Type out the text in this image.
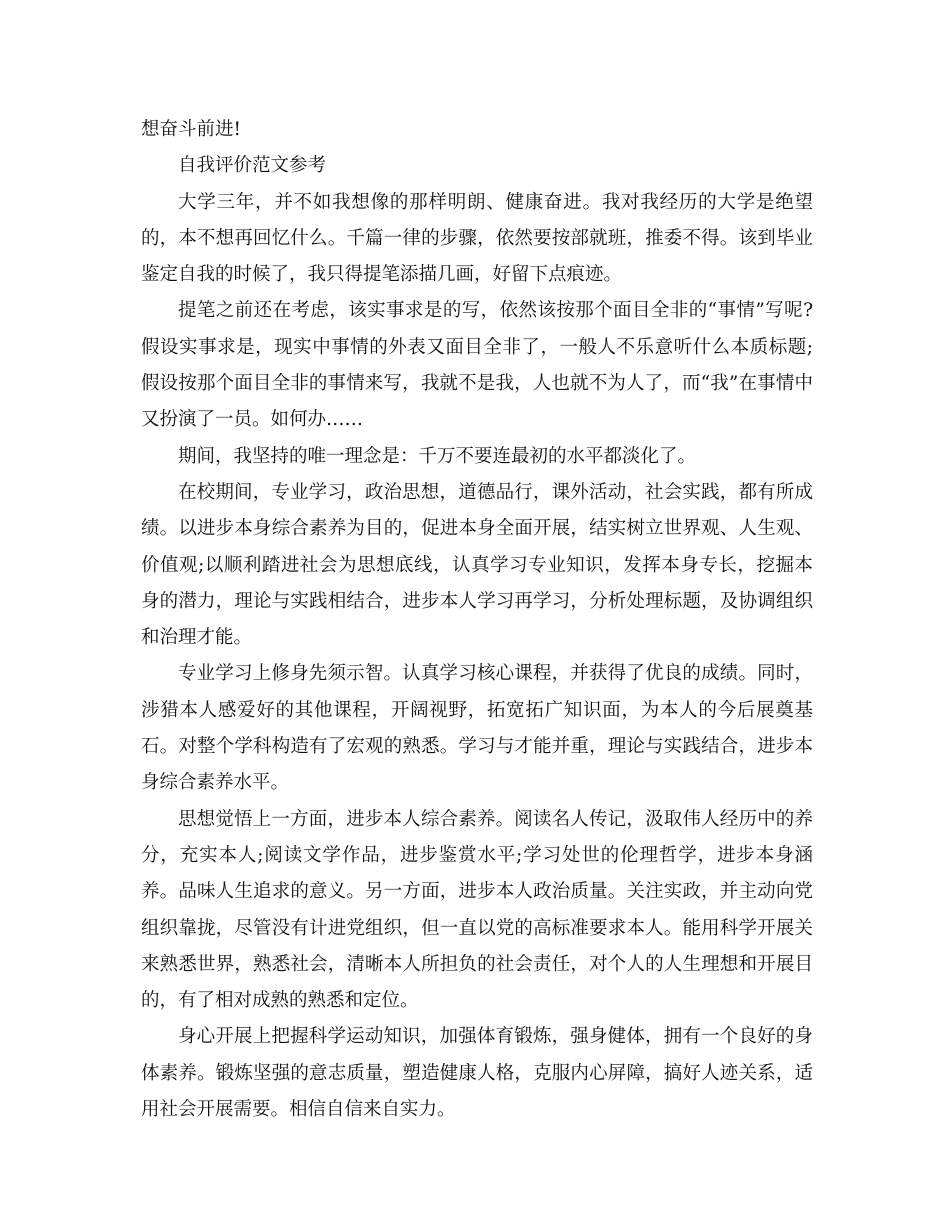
想奋斗前进!

自我评价范文参考

大学三年，并不如我想像的那样明朗、健康奋进。我对我经历的大学是绝望的，本不想再回忆什么。千篇一律的步骤，依然要按部就班，推委不得。该到毕业鉴定自我的时候了，我只得提笔添描几画，好留下点痕迹。

提笔之前还在考虑，该实事求是的写，依然该按那个面目全非的“事情”写呢?假设实事求是，现实中事情的外表又面目全非了，一般人不乐意听什么本质标题;假设按那个面目全非的事情来写，我就不是我，人也就不为人了，而“我”在事情中又扮演了一员。如何办……

期间，我坚持的唯一理念是：千万不要连最初的水平都淡化了。

在校期间，专业学习，政治思想，道德品行，课外活动，社会实践，都有所成绩。以进步本身综合素养为目的，促进本身全面开展，结实树立世界观、人生观、价值观;以顺利踏进社会为思想底线，认真学习专业知识，发挥本身专长，挖掘本身的潜力，理论与实践相结合，进步本人学习再学习，分析处理标题，及协调组织和治理才能。

专业学习上修身先须示智。认真学习核心课程，并获得了优良的成绩。同时，涉猎本人感爱好的其他课程，开阔视野，拓宽拓广知识面，为本人的今后展奠基石。对整个学科构造有了宏观的熟悉。学习与才能并重，理论与实践结合，进步本身综合素养水平。

思想觉悟上一方面，进步本人综合素养。阅读名人传记，汲取伟人经历中的养分，充实本人;阅读文学作品，进步鉴赏水平;学习处世的伦理哲学，进步本身涵养。品味人生追求的意义。另一方面，进步本人政治质量。关注实政，并主动向党组织靠拢，尽管没有计进党组织，但一直以党的高标准要求本人。能用科学开展关来熟悉世界，熟悉社会，清晰本人所担负的社会责任，对个人的人生理想和开展目的，有了相对成熟的熟悉和定位。

身心开展上把握科学运动知识，加强体育锻炼，强身健体，拥有一个良好的身体素养。锻炼坚强的意志质量，塑造健康人格，克服内心屏障，搞好人迹关系，适用社会开展需要。相信自信来自实力。
